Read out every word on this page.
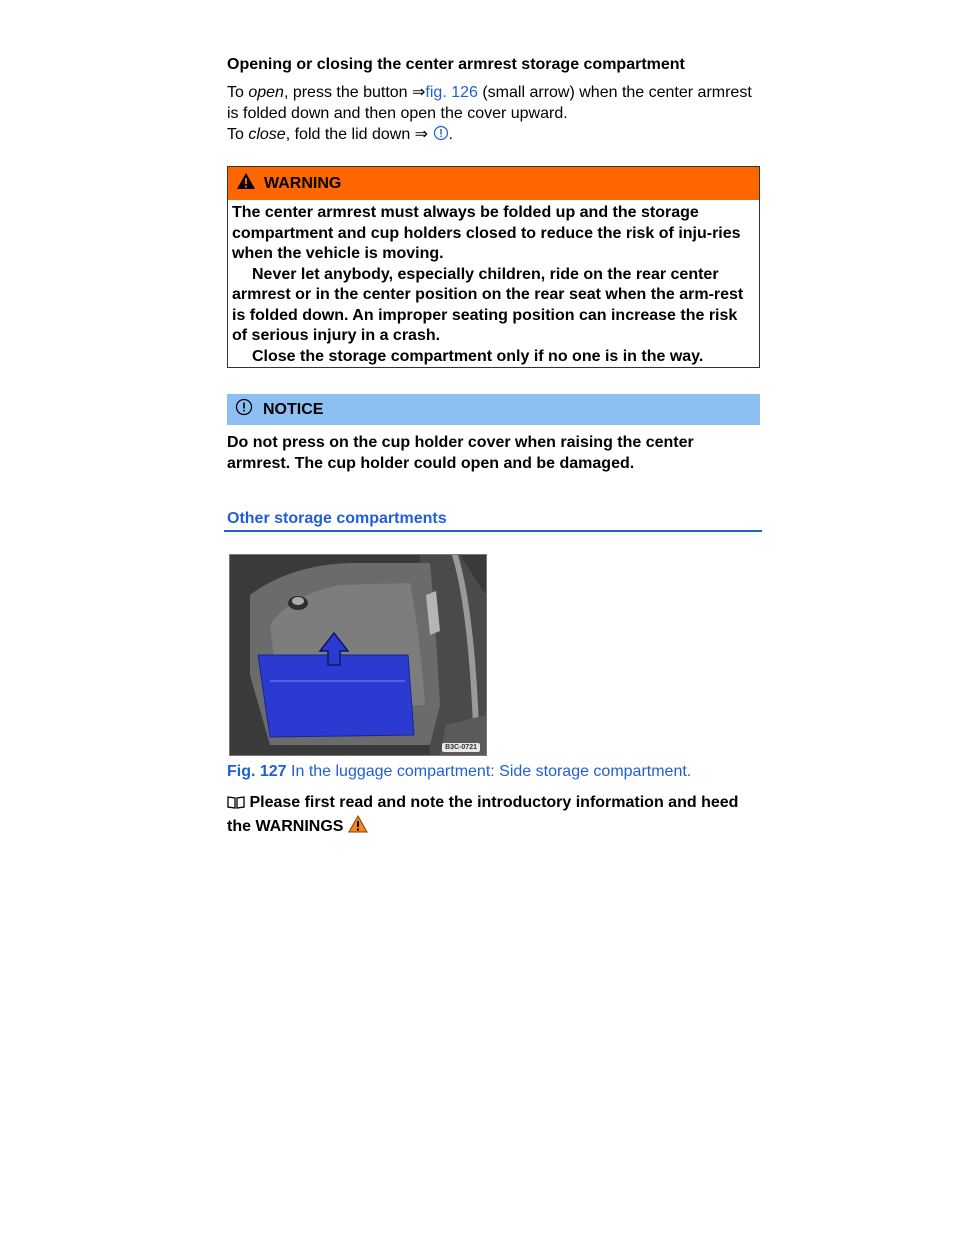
Opening or closing the center armrest storage compartment

To open, press the button ⇒fig. 126 (small arrow) when the center armrest is folded down and then open the cover upward.

To close, fold the lid down ⇒ .

WARNING

The center armrest must always be folded up and the storage compartment and cup holders closed to reduce the risk of inju-ries when the vehicle is moving.

Never let anybody, especially children, ride on the rear center armrest or in the center position on the rear seat when the arm-rest is folded down. An improper seating position can increase the risk of serious injury in a crash.

Close the storage compartment only if no one is in the way.

NOTICE

Do not press on the cup holder cover when raising the center armrest. The cup holder could open and be damaged.

Other storage compartments
B3C-0721

Fig. 127 In the luggage compartment: Side storage compartment.

Please first read and note the introductory information and heed the WARNINGS
